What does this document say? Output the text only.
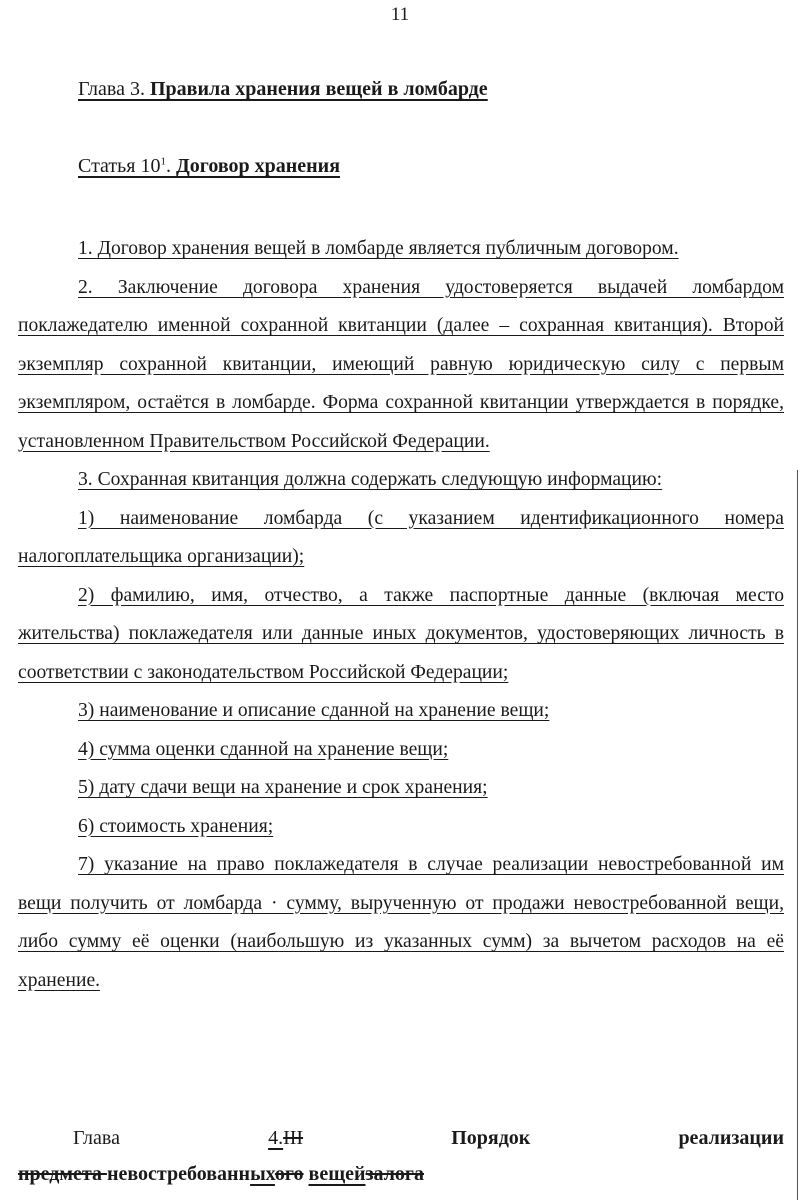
11
Глава 3. Правила хранения вещей в ломбарде
Статья $10^1$. Договор хранения

1. Договор хранения вещей в ломбарде является публичным договором.

2. Заключение договора хранения удостоверяется выдачей ломбардом поклажедателю именной сохранной квитанции (далее – сохранная квитанция). Второй экземпляр сохранной квитанции, имеющий равную юридическую силу с первым экземпляром, остаётся в ломбарде. Форма сохранной квитанции утверждается в порядке, установленном Правительством Российской Федерации.

3. Сохранная квитанция должна содержать следующую информацию:

1) наименование ломбарда (с указанием идентификационного номера налогоплательщика организации);

2) фамилию, имя, отчество, а также паспортные данные (включая место жительства) поклажедателя или данные иных документов, удостоверяющих личность в соответствии с законодательством Российской Федерации;

3) наименование и описание сданной на хранение вещи;

4) сумма оценки сданной на хранение вещи;

5) дату сдачи вещи на хранение и срок хранения;

6) стоимость хранения;

7) указание на право поклажедателя в случае реализации невостребованной им вещи получить от ломбарда · сумму, вырученную от продажи невостребованной вещи, либо сумму её оценки (наибольшую из указанных сумм) за вычетом расходов на её хранение.

Глава	4.III	Порядок	реализации
предмета невостребованныхого вещейзалога
